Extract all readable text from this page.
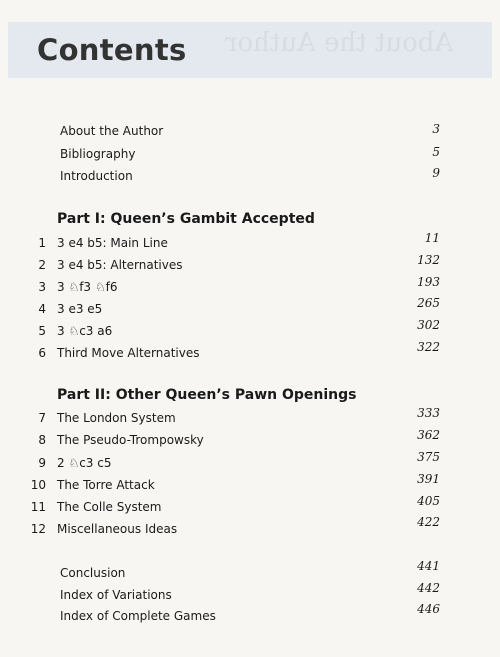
About the Author
Contents
About the Author	3
Bibliography	5
Introduction	9
Part I: Queen’s Gambit Accepted
1 3 e4 b5: Main Line	11
2 3 e4 b5: Alternatives	132
3 3 ♘f3 ♘f6	193
4 3 e3 e5	265
5 3 ♘c3 a6	302
6 Third Move Alternatives	322
Part II: Other Queen’s Pawn Openings
7 The London System	333
8 The Pseudo-Trompowsky	362
9 2 ♘c3 c5	375
10 The Torre Attack	391
11 The Colle System	405
12 Miscellaneous Ideas	422
Conclusion	441
Index of Variations	442
Index of Complete Games	446
